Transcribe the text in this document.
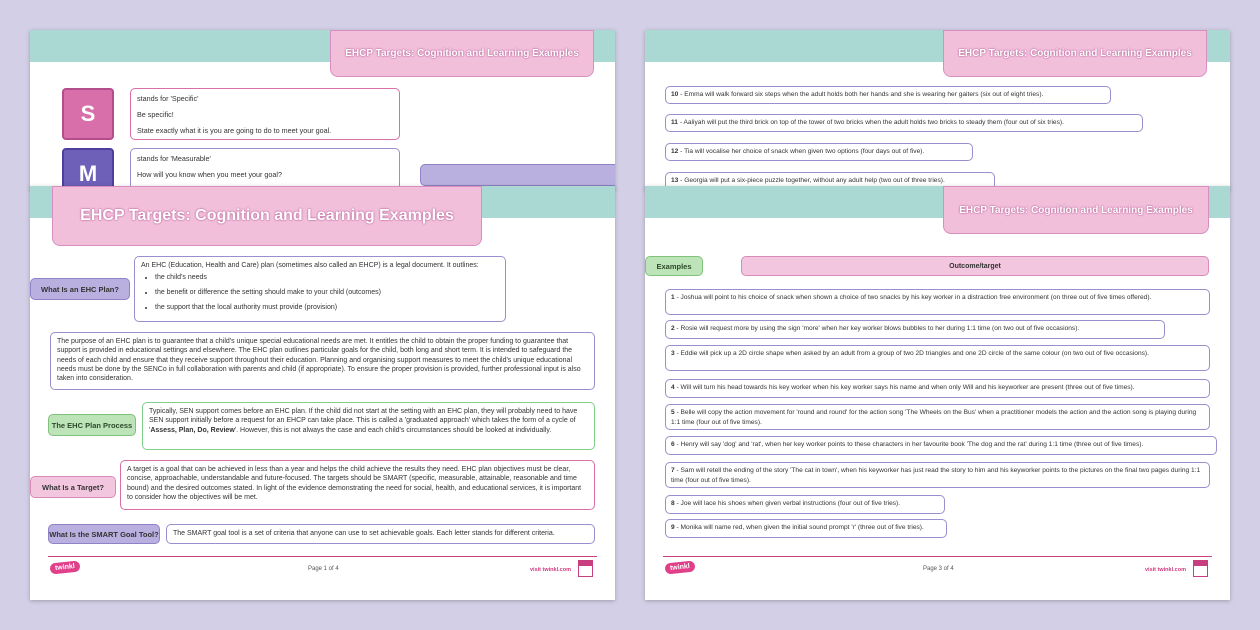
EHCP Targets: Cognition and Learning Examples
S
stands for 'Specific'
Be specific!
State exactly what it is you are going to do to meet your goal.
M
stands for 'Measurable'
How will you know when you meet your goal?
EHCP Targets: Cognition and Learning Examples
10 - Emma will walk forward six steps when the adult holds both her hands and she is wearing her gaiters (six out of eight tries).
11 - Aaliyah will put the third brick on top of the tower of two bricks when the adult holds two bricks to steady them (four out of six tries).
12 - Tia will vocalise her choice of snack when given two options (four days out of five).
13 - Georgia will put a six-piece puzzle together, without any adult help (two out of three tries).
EHCP Targets: Cognition and Learning Examples
What Is an EHC Plan?
An EHC (Education, Health and Care) plan (sometimes also called an EHCP) is a legal document. It outlines:
• the child's needs
• the benefit or difference the setting should make to your child (outcomes)
• the support that the local authority must provide (provision)
The purpose of an EHC plan is to guarantee that a child's unique special educational needs are met. It entitles the child to obtain the proper funding to guarantee that support is provided in educational settings and elsewhere. The EHC plan outlines particular goals for the child, both long and short term. It is intended to safeguard the needs of each child and ensure that they receive support throughout their education. Planning and organising support measures to meet the child's unique educational needs must be done by the SENCo in full collaboration with parents and child (if appropriate). To ensure the proper provision is provided, further professional input is also taken into consideration.
The EHC Plan Process
Typically, SEN support comes before an EHC plan. If the child did not start at the setting with an EHC plan, they will probably need to have SEN support initially before a request for an EHCP can take place. This is called a 'graduated approach' which takes the form of a cycle of 'Assess, Plan, Do, Review'. However, this is not always the case and each child's circumstances should be looked at individually.
What Is a Target?
A target is a goal that can be achieved in less than a year and helps the child achieve the results they need. EHC plan objectives must be clear, concise, approachable, understandable and future-focused. The targets should be SMART (specific, measurable, attainable, reasonable and time bound) and the desired outcomes stated. In light of the evidence demonstrating the need for social, health, and educational services, it is important to consider how the objectives will be met.
What Is the SMART Goal Tool?	The SMART goal tool is a set of criteria that anyone can use to set achievable goals. Each letter stands for different criteria.
twinkl	Page 1 of 4	visit twinkl.com
EHCP Targets: Cognition and Learning Examples
Examples	Outcome/target
1 - Joshua will point to his choice of snack when shown a choice of two snacks by his key worker in a distraction free environment (on three out of five times offered).
2 - Rosie will request more by using the sign 'more' when her key worker blows bubbles to her during 1:1 time (on two out of five occasions).
3 - Eddie will pick up a 2D circle shape when asked by an adult from a group of two 2D triangles and one 2D circle of the same colour (on two out of five occasions).
4 - Will will turn his head towards his key worker when his key worker says his name and when only Will and his keyworker are present (three out of five times).
5 - Belle will copy the action movement for 'round and round' for the action song 'The Wheels on the Bus' when a practitioner models the action and the action song is playing during 1:1 time (four out of five times).
6 - Henry will say 'dog' and 'rat', when her key worker points to these characters in her favourite book 'The dog and the rat' during 1:1 time (three out of five times).
7 - Sam will retell the ending of the story 'The cat in town', when his keyworker has just read the story to him and his keyworker points to the pictures on the final two pages during 1:1 time (four out of five times).
8 - Joe will lace his shoes when given verbal instructions (four out of five tries).
9 - Monika will name red, when given the initial sound prompt 'r' (three out of five tries).
twinkl	Page 3 of 4	visit twinkl.com
